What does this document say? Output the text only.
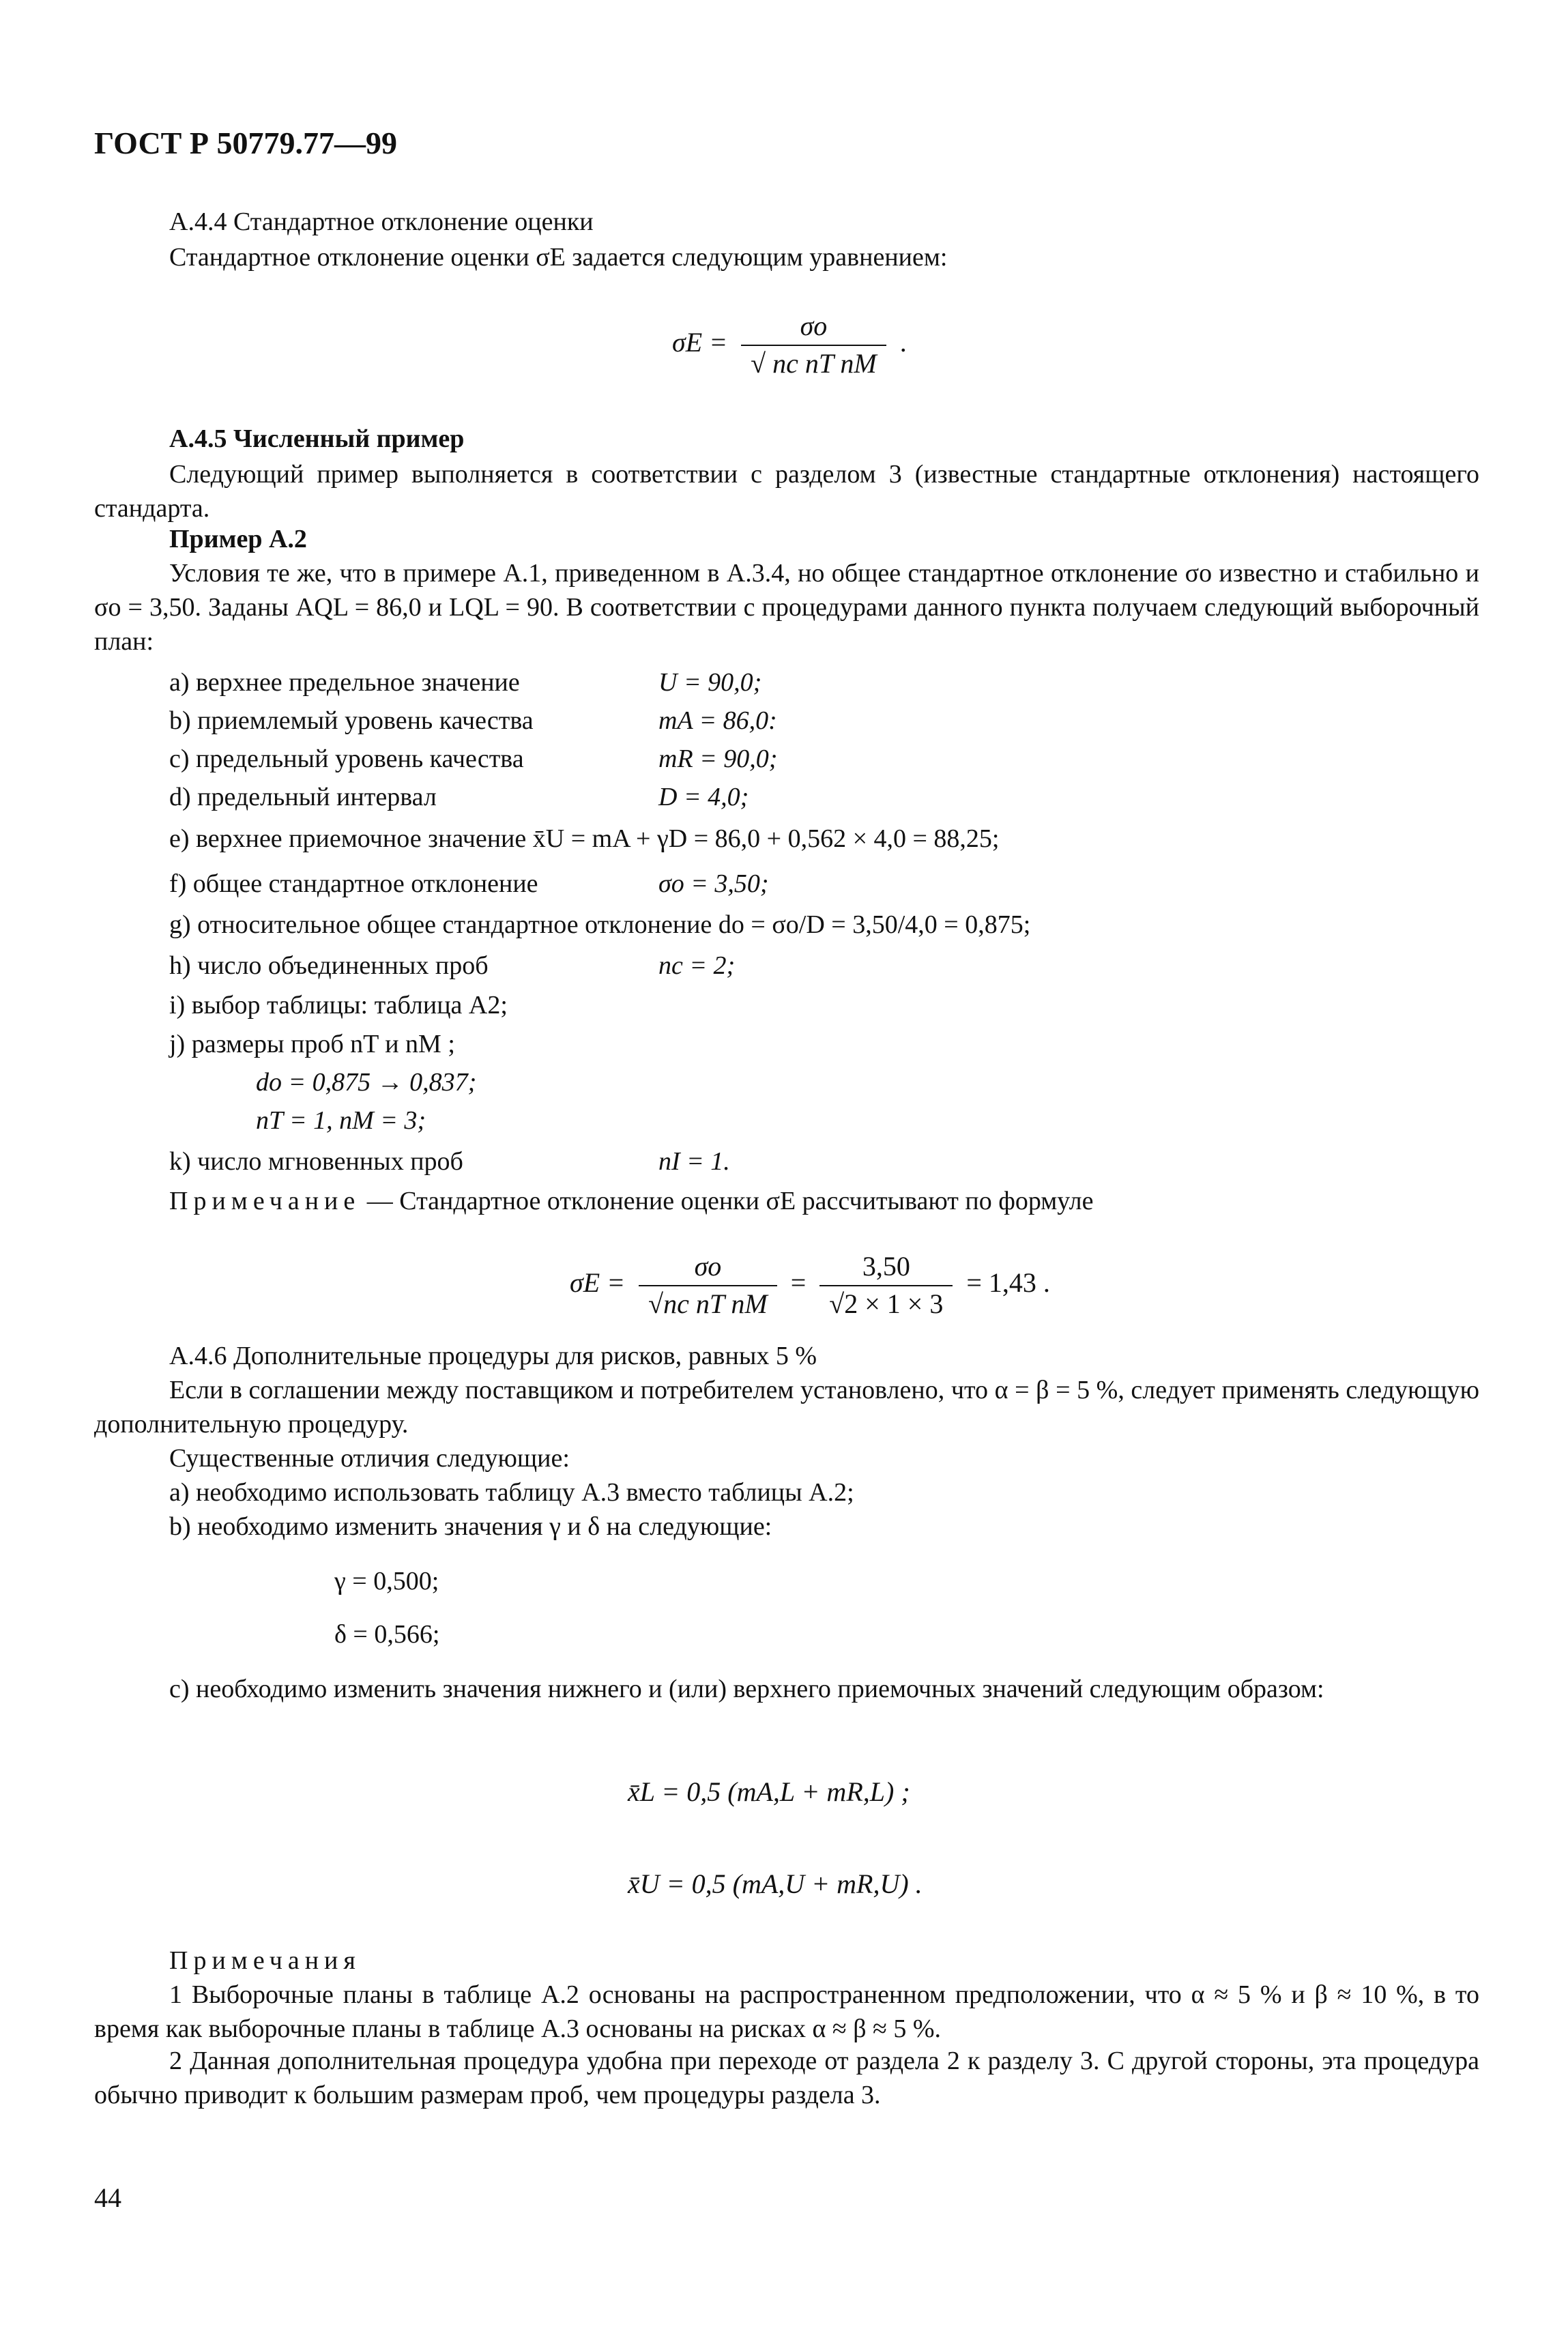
ГОСТ Р 50779.77—99
А.4.4 Стандартное отклонение оценки
Стандартное отклонение оценки σE задается следующим уравнением:
$\sigma E = \frac{\sigma o}{\text{√ nc nT nM}}$ .
А.4.5 Численный пример
Следующий пример выполняется в соответствии с разделом 3 (известные стандартные отклонения) настоящего стандарта.
Пример А.2
Условия те же, что в примере А.1, приведенном в А.3.4, но общее стандартное отклонение σo известно и стабильно и σo = 3,50. Заданы AQL = 86,0 и LQL = 90. В соответствии с процедурами данного пункта получаем следующий выборочный план:
a) верхнее предельное значение	U = 90,0;
b) приемлемый уровень качества	mA = 86,0:
c) предельный уровень качества	mR = 90,0;
d) предельный интервал	D = 4,0;
e) верхнее приемочное значение x̄U = mA + γD = 86,0 + 0,562 × 4,0 = 88,25;
f) общее стандартное отклонение	σo = 3,50;
g) относительное общее стандартное отклонение do = σo/D = 3,50/4,0 = 0,875;
h) число объединенных проб	nc = 2;
i) выбор таблицы: таблица А2;
j) размеры проб nT и nM ;
do = 0,875 → 0,837;
nT = 1, nM = 3;
k) число мгновенных проб	nI = 1.
Примечание — Стандартное отклонение оценки σE рассчитывают по формуле
$\sigma E = \frac{\sigma o}{\text{√nc nT nM}} = \frac{3,50}{√2 \times 1 \times 3} = 1,43$ .
А.4.6 Дополнительные процедуры для рисков, равных 5 %
Если в соглашении между поставщиком и потребителем установлено, что α = β = 5 %, следует применять следующую дополнительную процедуру.
Существенные отличия следующие:
а) необходимо использовать таблицу А.3 вместо таблицы А.2;
b) необходимо изменить значения γ и δ на следующие:
γ = 0,500;
δ = 0,566;
c) необходимо изменить значения нижнего и (или) верхнего приемочных значений следующим образом:
x̄L = 0,5 (mA,L + mR,L) ;
x̄U = 0,5 (mA,U + mR,U) .
Примечания
1 Выборочные планы в таблице А.2 основаны на распространенном предположении, что α ≈ 5 % и β ≈ 10 %, в то время как выборочные планы в таблице А.3 основаны на рисках α ≈ β ≈ 5 %.
2 Данная дополнительная процедура удобна при переходе от раздела 2 к разделу 3. С другой стороны, эта процедура обычно приводит к большим размерам проб, чем процедуры раздела 3.
44
